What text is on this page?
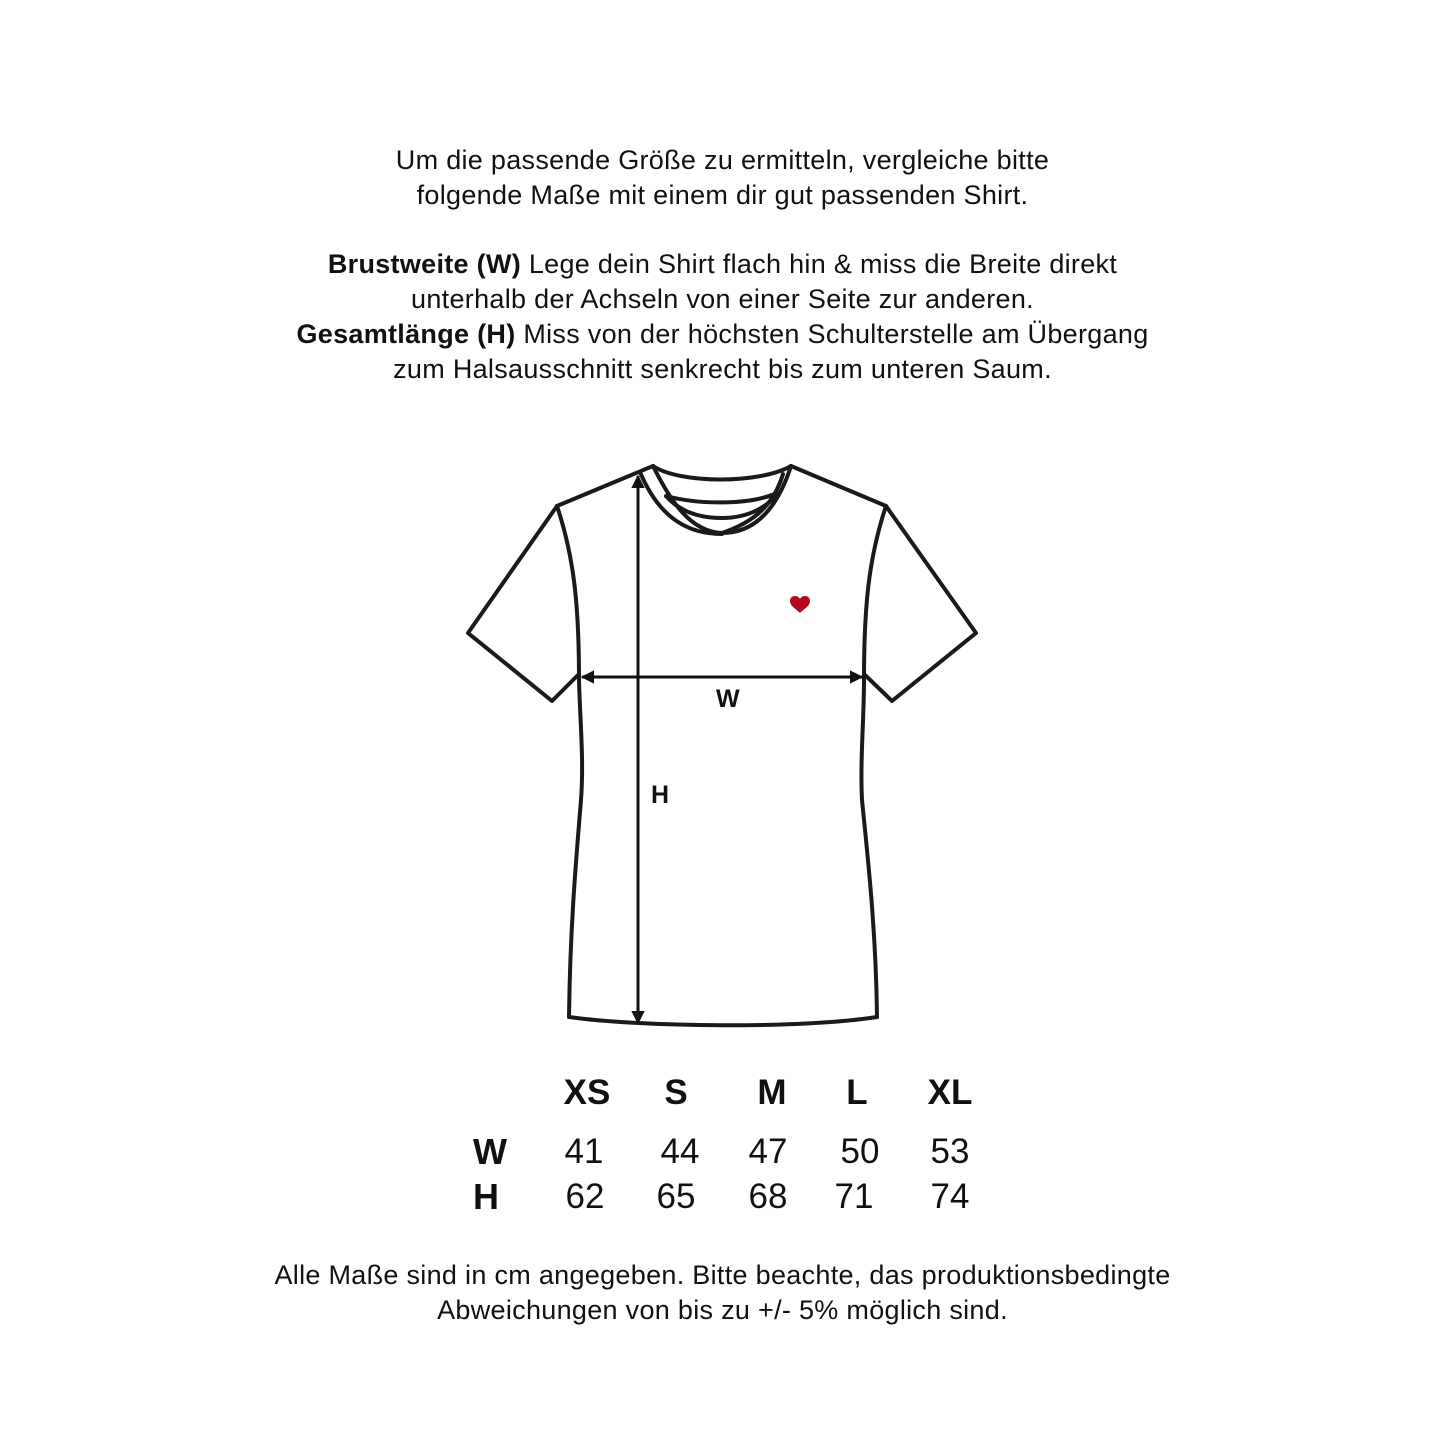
Um die passende Größe zu ermitteln, vergleiche bitte

folgende Maße mit einem dir gut passenden Shirt.

Brustweite (W) Lege dein Shirt flach hin & miss die Breite direkt

unterhalb der Achseln von einer Seite zur anderen.

Gesamtlänge (H) Miss von der höchsten Schulterstelle am Übergang

zum Halsausschnitt senkrecht bis zum unteren Saum.

W
H
XS	S	M	L	XL
W	41	44	47	50	53
H	62	65	68	71	74

Alle Maße sind in cm angegeben. Bitte beachte, das produktionsbedingte

Abweichungen von bis zu +/- 5% möglich sind.
